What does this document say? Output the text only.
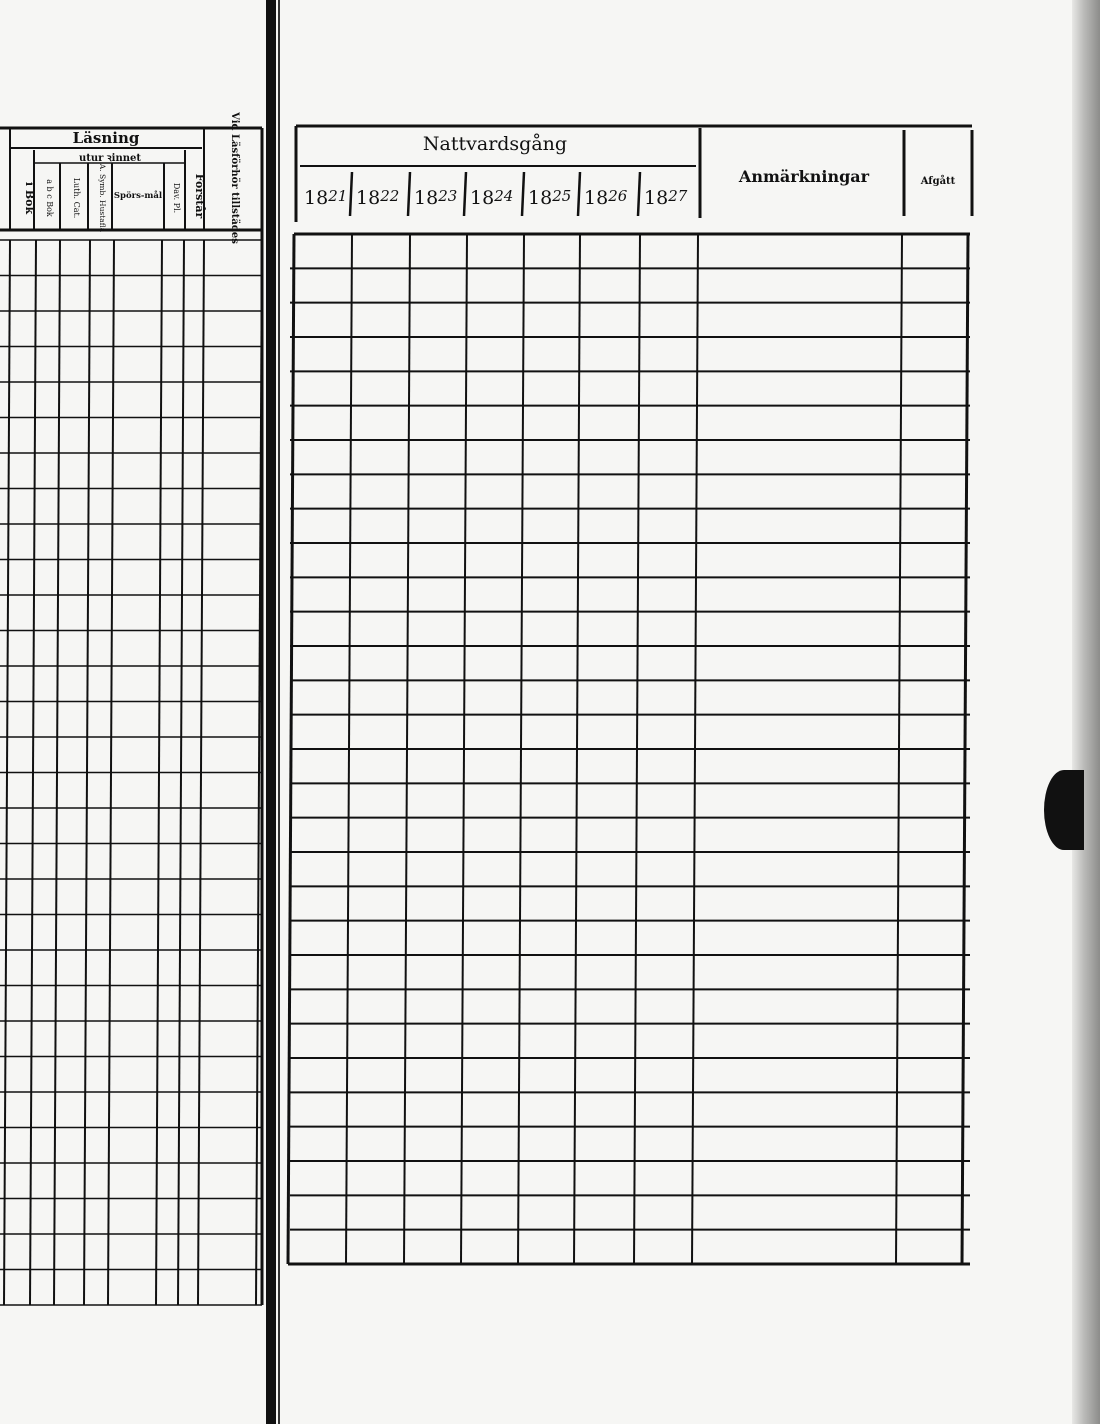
Läsning
utur ꝛinnet
i Bok a b c Bok Luth. Cat. A. Symb. Hustafla Spörs-mål Dav. Pl. Förstår Vid Läsförhör tillstädes	Nattvardsgång
Anmärkningar	Afgått
1821 1822 1823 1824 1825 1826 1827
